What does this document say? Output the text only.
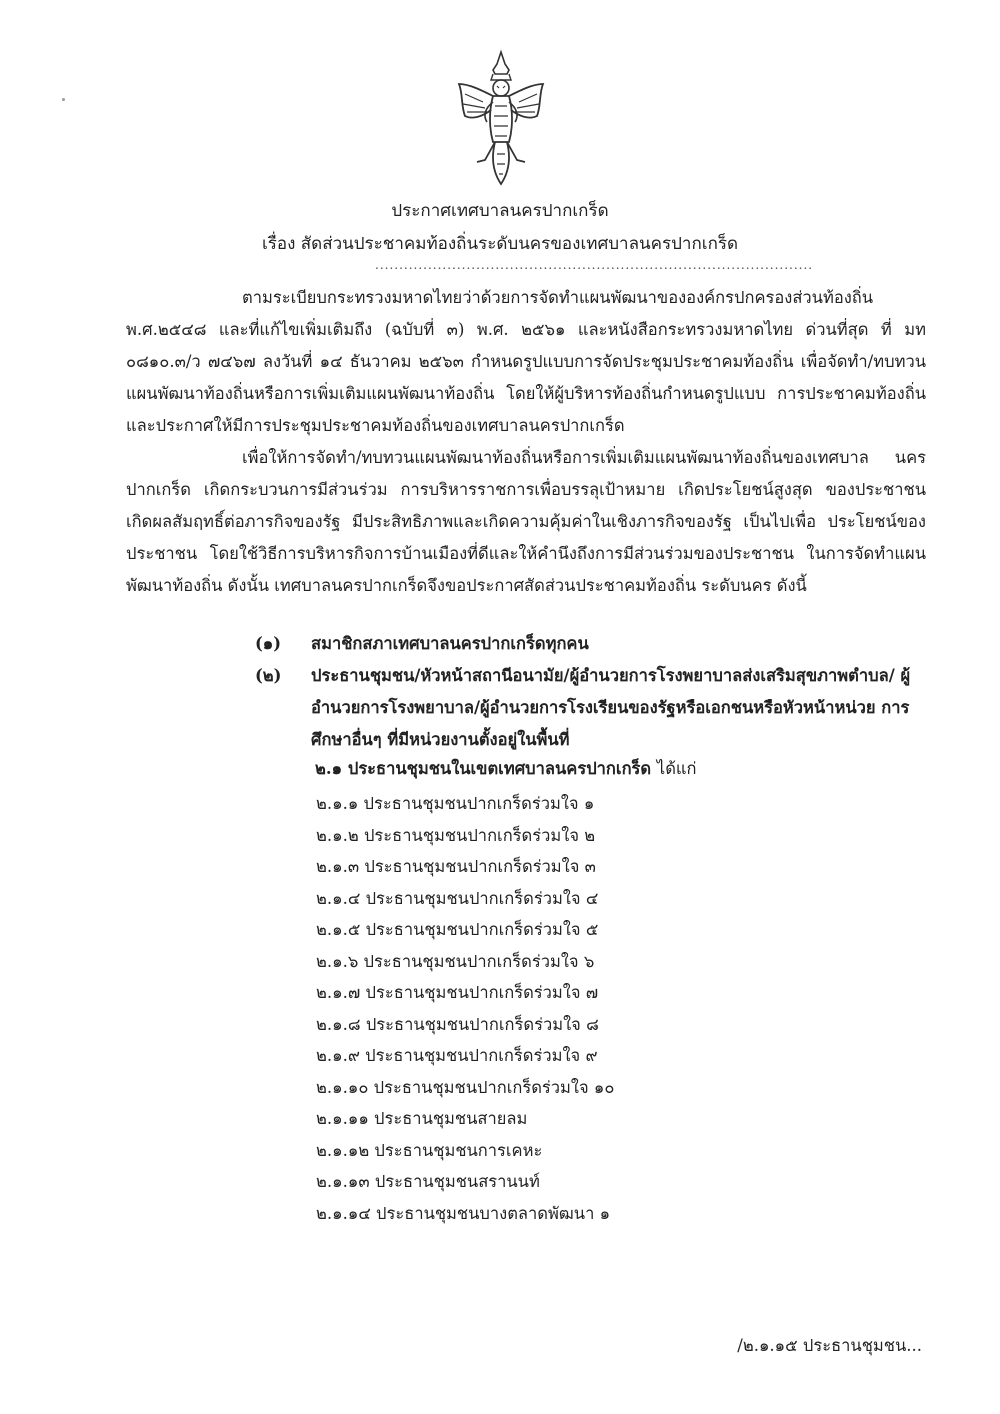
ประกาศเทศบาลนครปากเกร็ด
เรื่อง สัดส่วนประชาคมท้องถิ่นระดับนครของเทศบาลนครปากเกร็ด
...........................................................................................
ตามระเบียบกระทรวงมหาดไทยว่าด้วยการจัดทำแผนพัฒนาขององค์กรปกครองส่วนท้องถิ่น พ.ศ.๒๕๔๘ และที่แก้ไขเพิ่มเติมถึง (ฉบับที่ ๓) พ.ศ. ๒๕๖๑ และหนังสือกระทรวงมหาดไทย ด่วนที่สุด ที่ มท ๐๘๑๐.๓/ว ๗๔๖๗ ลงวันที่ ๑๔ ธันวาคม ๒๕๖๓ กำหนดรูปแบบการจัดประชุมประชาคมท้องถิ่น เพื่อจัดทำ/ทบทวนแผนพัฒนาท้องถิ่นหรือการเพิ่มเติมแผนพัฒนาท้องถิ่น โดยให้ผู้บริหารท้องถิ่นกำหนดรูปแบบ การประชาคมท้องถิ่นและประกาศให้มีการประชุมประชาคมท้องถิ่นของเทศบาลนครปากเกร็ด
เพื่อให้การจัดทำ/ทบทวนแผนพัฒนาท้องถิ่นหรือการเพิ่มเติมแผนพัฒนาท้องถิ่นของเทศบาล นครปากเกร็ด เกิดกระบวนการมีส่วนร่วม การบริหารราชการเพื่อบรรลุเป้าหมาย เกิดประโยชน์สูงสุด ของประชาชน เกิดผลสัมฤทธิ์ต่อภารกิจของรัฐ มีประสิทธิภาพและเกิดความคุ้มค่าในเชิงภารกิจของรัฐ เป็นไปเพื่อ ประโยชน์ของประชาชน โดยใช้วิธีการบริหารกิจการบ้านเมืองที่ดีและให้คำนึงถึงการมีส่วนร่วมของประชาชน ในการจัดทำแผนพัฒนาท้องถิ่น ดังนั้น เทศบาลนครปากเกร็ดจึงขอประกาศสัดส่วนประชาคมท้องถิ่น ระดับนคร ดังนี้
(๑) สมาชิกสภาเทศบาลนครปากเกร็ดทุกคน
(๒) ประธานชุมชน/หัวหน้าสถานีอนามัย/ผู้อำนวยการโรงพยาบาลส่งเสริมสุขภาพตำบล/ ผู้อำนวยการโรงพยาบาล/ผู้อำนวยการโรงเรียนของรัฐหรือเอกชนหรือหัวหน้าหน่วย การศึกษาอื่นๆ ที่มีหน่วยงานตั้งอยู่ในพื้นที่
๒.๑ ประธานชุมชนในเขตเทศบาลนครปากเกร็ด ได้แก่
๒.๑.๑ ประธานชุมชนปากเกร็ดร่วมใจ ๑
๒.๑.๒ ประธานชุมชนปากเกร็ดร่วมใจ ๒
๒.๑.๓ ประธานชุมชนปากเกร็ดร่วมใจ ๓
๒.๑.๔ ประธานชุมชนปากเกร็ดร่วมใจ ๔
๒.๑.๕ ประธานชุมชนปากเกร็ดร่วมใจ ๕
๒.๑.๖ ประธานชุมชนปากเกร็ดร่วมใจ ๖
๒.๑.๗ ประธานชุมชนปากเกร็ดร่วมใจ ๗
๒.๑.๘ ประธานชุมชนปากเกร็ดร่วมใจ ๘
๒.๑.๙ ประธานชุมชนปากเกร็ดร่วมใจ ๙
๒.๑.๑๐ ประธานชุมชนปากเกร็ดร่วมใจ ๑๐
๒.๑.๑๑ ประธานชุมชนสายลม
๒.๑.๑๒ ประธานชุมชนการเคหะ
๒.๑.๑๓ ประธานชุมชนสรานนท์
๒.๑.๑๔ ประธานชุมชนบางตลาดพัฒนา ๑
/๒.๑.๑๕ ประธานชุมชน...
